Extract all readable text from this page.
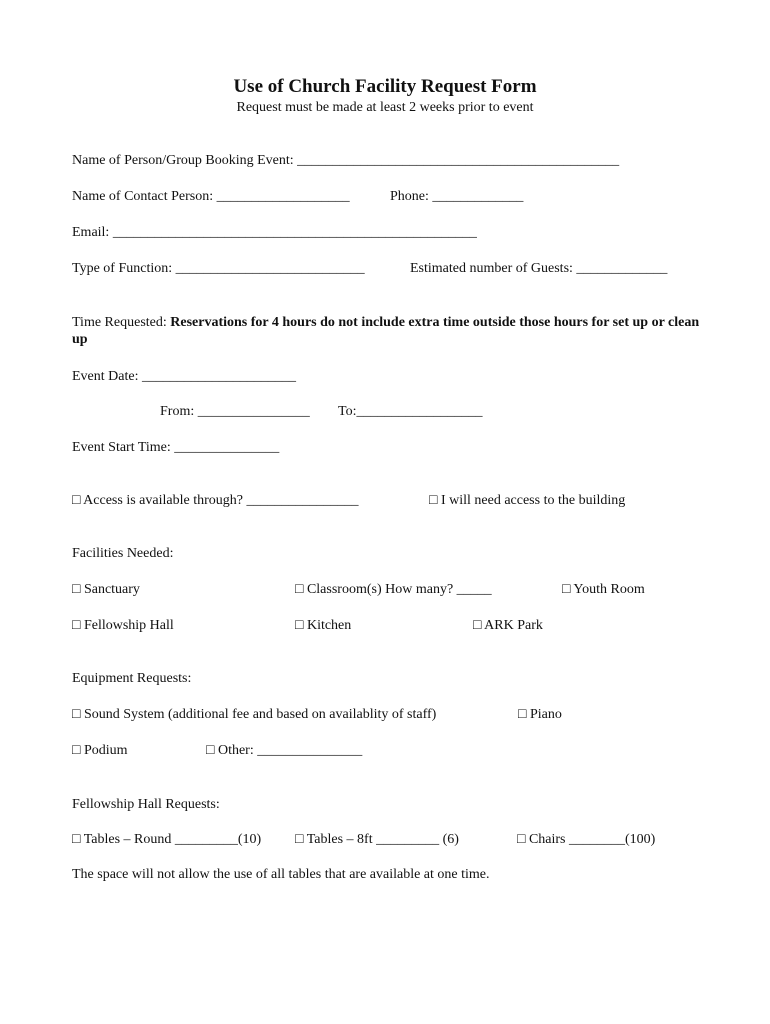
Use of Church Facility Request Form
Request must be made at least 2 weeks prior to event
Name of Person/Group Booking Event: ______________________________________________
Name of Contact Person: ___________________	Phone: _____________
Email: ____________________________________________________
Type of Function: ___________________________	Estimated number of Guests: _____________
Time Requested: Reservations for 4 hours do not include extra time outside those hours for set up or clean up
Event Date: ______________________
From: ________________ To:__________________
Event Start Time: _______________
□ Access is available through? ________________	□ I will need access to the building
Facilities Needed:
□ Sanctuary	□ Classroom(s) How many? _____	□ Youth Room
□ Fellowship Hall	□ Kitchen	□ ARK Park
Equipment Requests:
□ Sound System (additional fee and based on availablity of staff)	□ Piano
□ Podium	□ Other: _______________
Fellowship Hall Requests:
□ Tables – Round _________(10) □ Tables – 8ft _________ (6)	□ Chairs ________(100)
The space will not allow the use of all tables that are available at one time.
